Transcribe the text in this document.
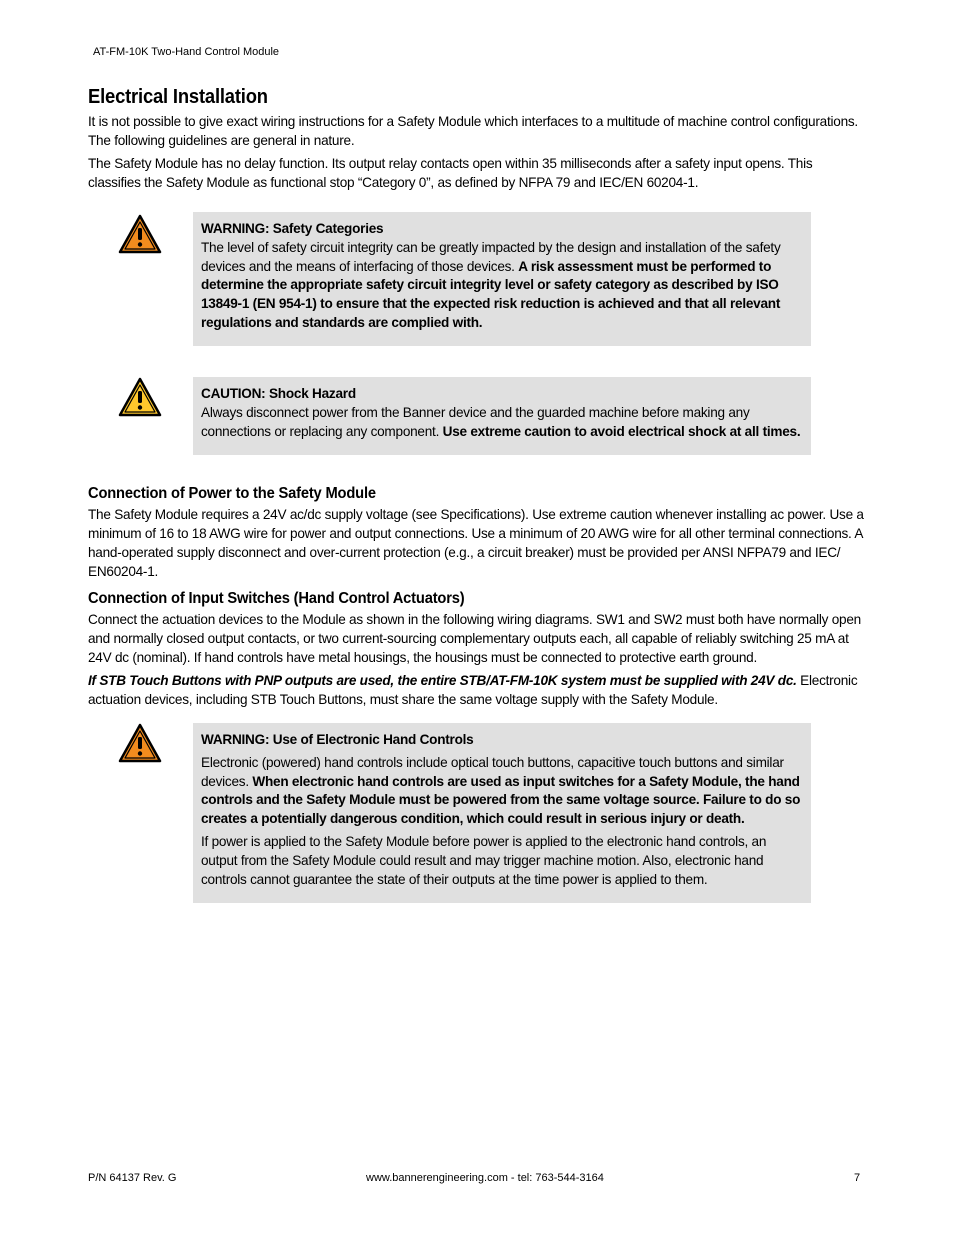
AT-FM-10K Two-Hand Control Module
Electrical Installation

It is not possible to give exact wiring instructions for a Safety Module which interfaces to a multitude of machine control configurations. The following guidelines are general in nature.

The Safety Module has no delay function. Its output relay contacts open within 35 milliseconds after a safety input opens. This classifies the Safety Module as functional stop “Category 0”, as defined by NFPA 79 and IEC/EN 60204-1.

WARNING: Safety Categories

The level of safety circuit integrity can be greatly impacted by the design and installation of the safety devices and the means of interfacing of those devices. A risk assessment must be performed to determine the appropriate safety circuit integrity level or safety category as described by ISO 13849-1 (EN 954-1) to ensure that the expected risk reduction is achieved and that all relevant regulations and standards are complied with.

CAUTION: Shock Hazard

Always disconnect power from the Banner device and the guarded machine before making any connections or replacing any component. Use extreme caution to avoid electrical shock at all times.

Connection of Power to the Safety Module

The Safety Module requires a 24V ac/dc supply voltage (see Specifications). Use extreme caution whenever installing ac power. Use a minimum of 16 to 18 AWG wire for power and output connections. Use a minimum of 20 AWG wire for all other terminal connections. A hand-operated supply disconnect and over-current protection (e.g., a circuit breaker) must be provided per ANSI NFPA79 and IEC/ EN60204-1.

Connection of Input Switches (Hand Control Actuators)

Connect the actuation devices to the Module as shown in the following wiring diagrams. SW1 and SW2 must both have normally open and normally closed output contacts, or two current-sourcing complementary outputs each, all capable of reliably switching 25 mA at 24V dc (nominal). If hand controls have metal housings, the housings must be connected to protective earth ground.

If STB Touch Buttons with PNP outputs are used, the entire STB/AT-FM-10K system must be supplied with 24V dc. Electronic actuation devices, including STB Touch Buttons, must share the same voltage supply with the Safety Module.

WARNING: Use of Electronic Hand Controls

Electronic (powered) hand controls include optical touch buttons, capacitive touch buttons and similar devices. When electronic hand controls are used as input switches for a Safety Module, the hand controls and the Safety Module must be powered from the same voltage source. Failure to do so creates a potentially dangerous condition, which could result in serious injury or death.

If power is applied to the Safety Module before power is applied to the electronic hand controls, an output from the Safety Module could result and may trigger machine motion. Also, electronic hand controls cannot guarantee the state of their outputs at the time power is applied to them.

P/N 64137 Rev. G	www.bannerengineering.com - tel: 763-544-3164	7
